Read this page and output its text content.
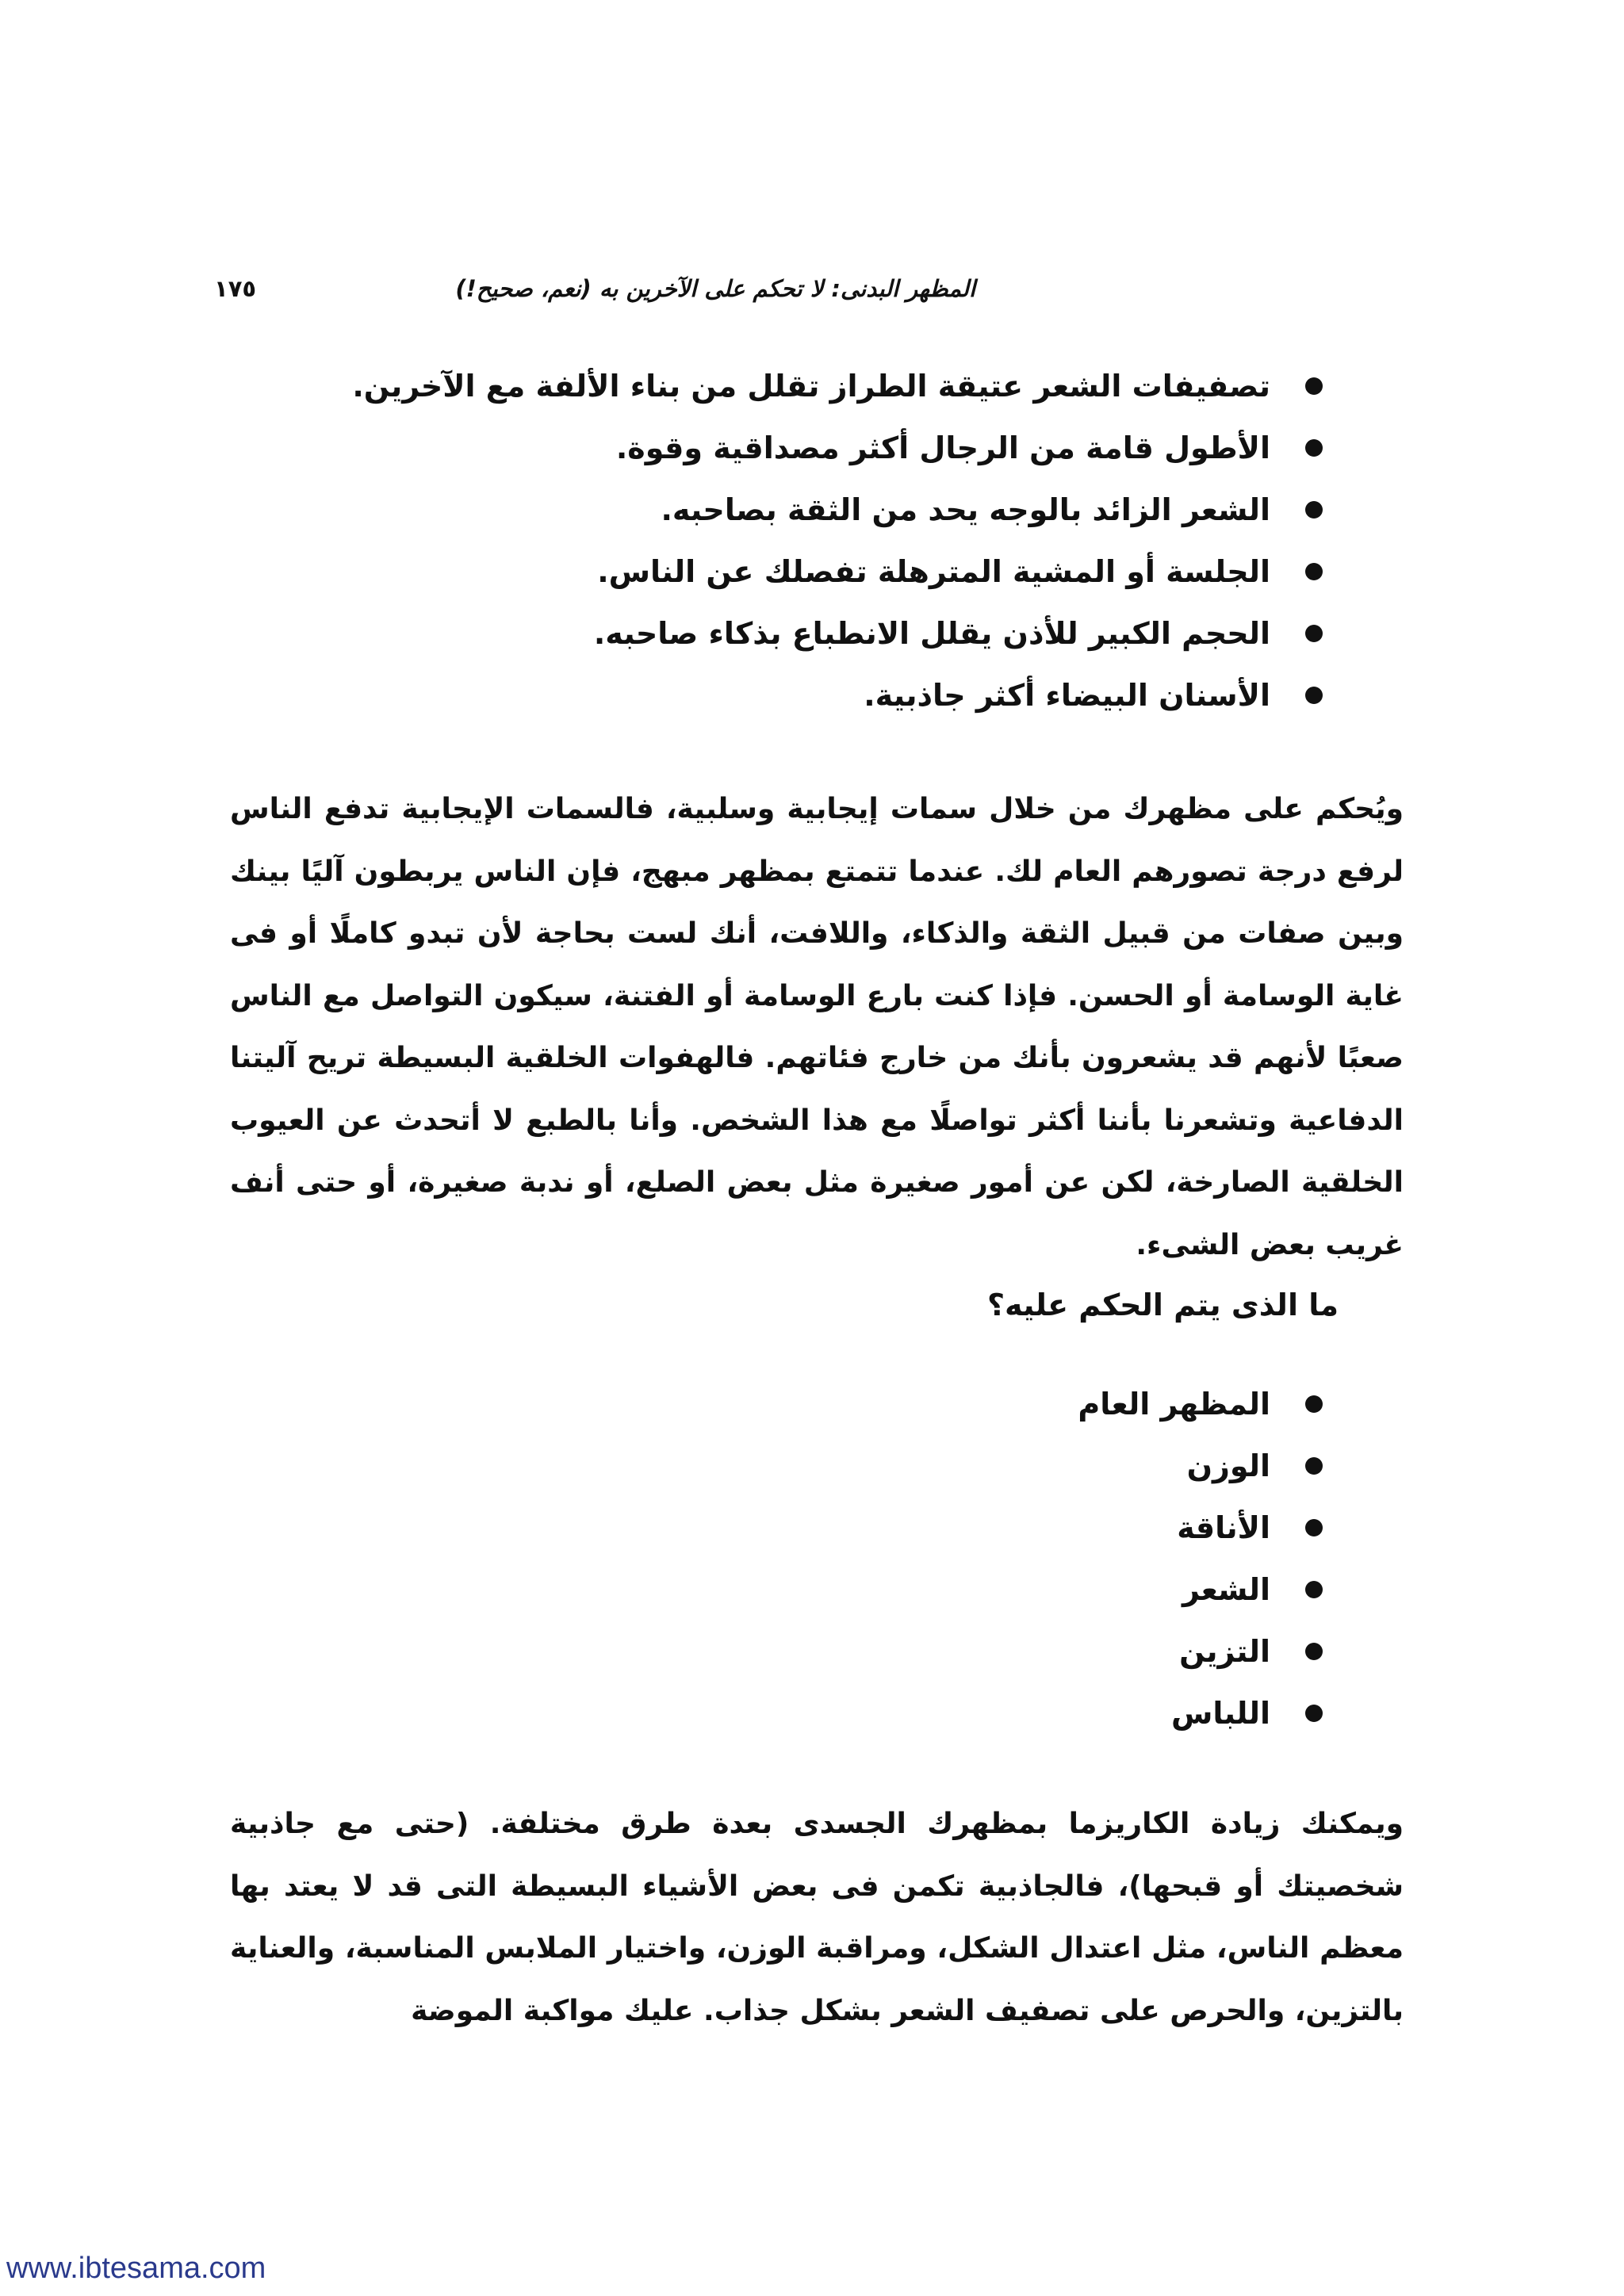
المظهر البدنى: لا تحكم على الآخرين به (نعم، صحيح!)
١٧٥
تصفيفات الشعر عتيقة الطراز تقلل من بناء الألفة مع الآخرين.
الأطول قامة من الرجال أكثر مصداقية وقوة.
الشعر الزائد بالوجه يحد من الثقة بصاحبه.
الجلسة أو المشية المترهلة تفصلك عن الناس.
الحجم الكبير للأذن يقلل الانطباع بذكاء صاحبه.
الأسنان البيضاء أكثر جاذبية.

ويُحكم على مظهرك من خلال سمات إيجابية وسلبية، فالسمات الإيجابية تدفع الناس لرفع درجة تصورهم العام لك. عندما تتمتع بمظهر مبهج، فإن الناس يربطون آليًا بينك وبين صفات من قبيل الثقة والذكاء، واللافت، أنك لست بحاجة لأن تبدو كاملًا أو فى غاية الوسامة أو الحسن. فإذا كنت بارع الوسامة أو الفتنة، سيكون التواصل مع الناس صعبًا لأنهم قد يشعرون بأنك من خارج فئاتهم. فالهفوات الخلقية البسيطة تريح آليتنا الدفاعية وتشعرنا بأننا أكثر تواصلًا مع هذا الشخص. وأنا بالطبع لا أتحدث عن العيوب الخلقية الصارخة، لكن عن أمور صغيرة مثل بعض الصلع، أو ندبة صغيرة، أو حتى أنف غريب بعض الشىء.

ما الذى يتم الحكم عليه؟
المظهر العام
الوزن
الأناقة
الشعر
التزين
اللباس

ويمكنك زيادة الكاريزما بمظهرك الجسدى بعدة طرق مختلفة. (حتى مع جاذبية شخصيتك أو قبحها)، فالجاذبية تكمن فى بعض الأشياء البسيطة التى قد لا يعتد بها معظم الناس، مثل اعتدال الشكل، ومراقبة الوزن، واختيار الملابس المناسبة، والعناية بالتزين، والحرص على تصفيف الشعر بشكل جذاب. عليك مواكبة الموضة

www.ibtesama.com
